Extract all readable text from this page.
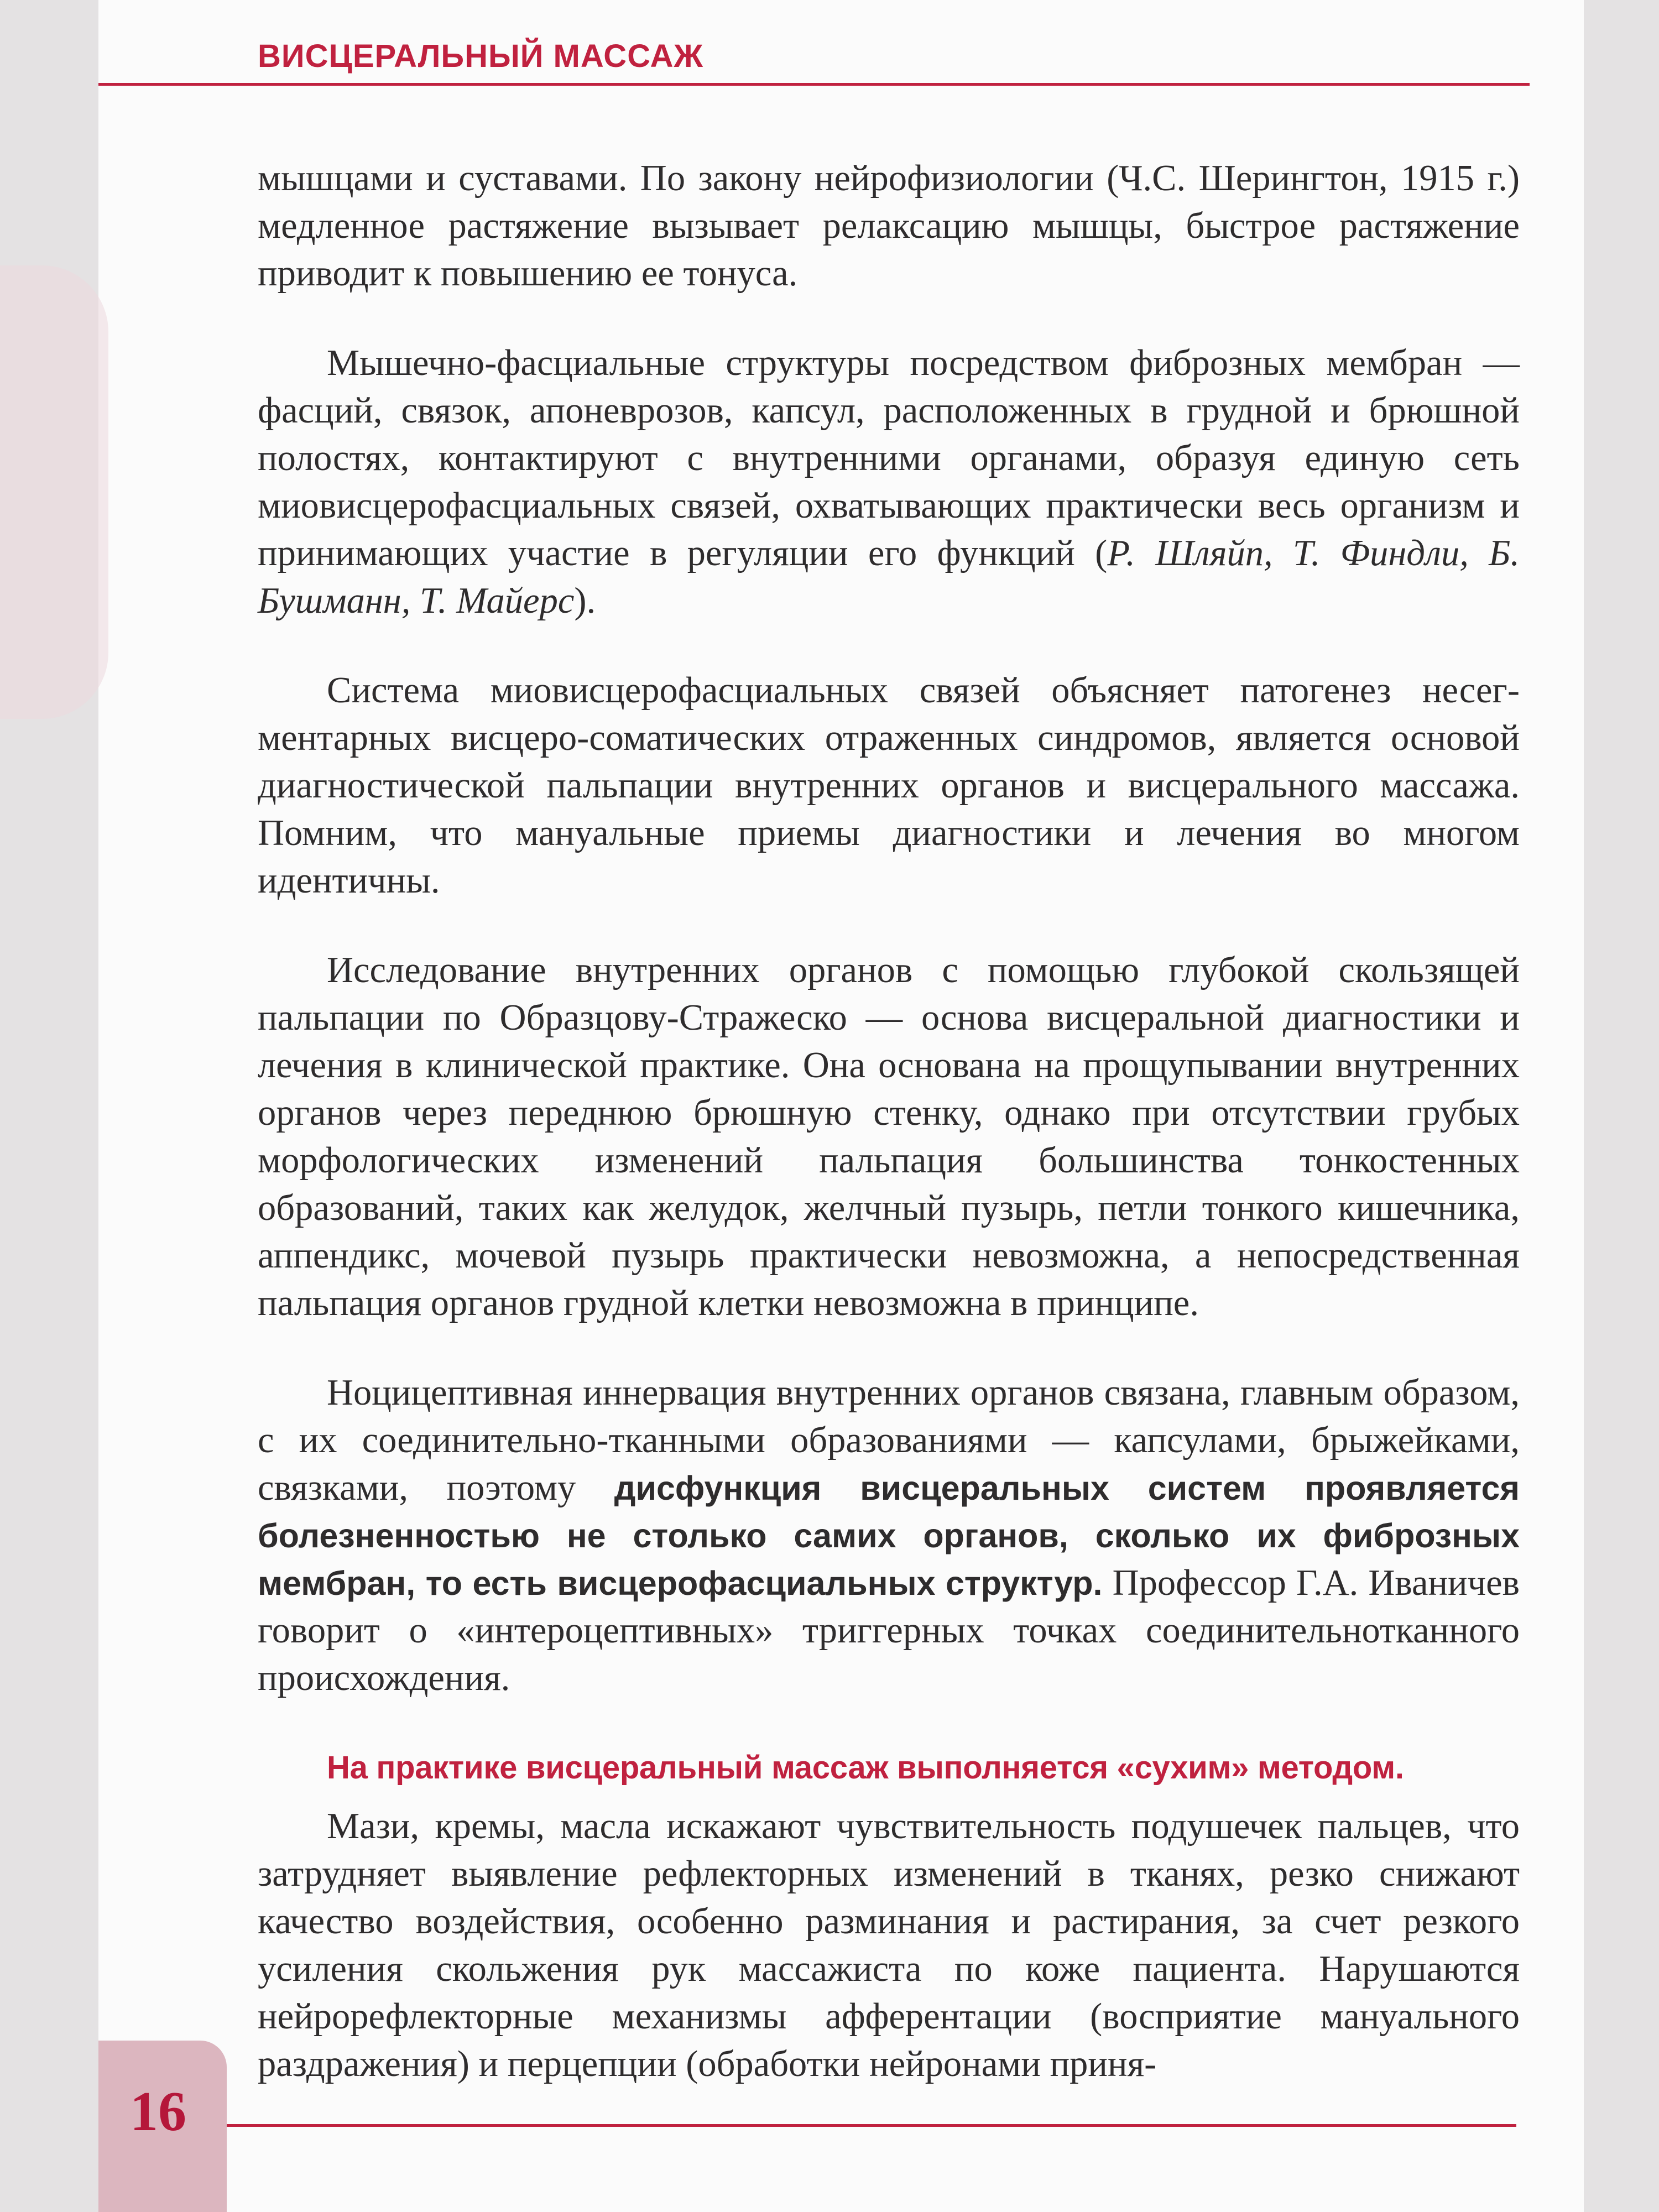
ВИСЦЕРАЛЬНЫЙ МАССАЖ

мышцами и суставами. По закону нейрофизиологии (Ч.С. Шерингтон, 1915 г.) медленное растяжение вызывает релаксацию мышцы, быстрое растяжение приводит к повышению ее тонуса.

Мышечно-фасциальные структуры посредством фиброзных мембран — фасций, связок, апоневрозов, капсул, расположенных в грудной и брюшной полостях, контактируют с внутренними органами, образуя единую сеть миовисцерофасциальных связей, охватывающих практически весь организм и принимающих участие в регуляции его функций (Р. Шляйп, Т. Финдли, Б. Бушманн, Т. Майерс).

Система миовисцерофасциальных связей объясняет патогенез несегментарных висцеро-соматических отраженных синдромов, является основой диагностической пальпации внутренних органов и висцерального массажа. Помним, что мануальные приемы диагностики и лечения во многом идентичны.

Исследование внутренних органов с помощью глубокой скользящей пальпации по Образцову-Стражеско — основа висцеральной диагностики и лечения в клинической практике. Она основана на прощупывании внутренних органов через переднюю брюшную стенку, однако при отсутствии грубых морфологических изменений пальпация большинства тонкостенных образований, таких как желудок, желчный пузырь, петли тонкого кишечника, аппендикс, мочевой пузырь практически невозможна, а непосредственная пальпация органов грудной клетки невозможна в принципе.

Ноцицептивная иннервация внутренних органов связана, главным образом, с их соединительно-тканными образованиями — капсулами, брыжейками, связками, поэтому дисфункция висцеральных систем проявляется болезненностью не столько самих органов, сколько их фиброзных мембран, то есть висцерофасциальных структур. Профессор Г.А. Иваничев говорит о «интероцептивных» триггерных точках соединительнотканного происхождения.

На практике висцеральный массаж выполняется «сухим» методом.

Мази, кремы, масла искажают чувствительность подушечек пальцев, что затрудняет выявление рефлекторных изменений в тканях, резко снижают качество воздействия, особенно разминания и растирания, за счет резкого усиления скольжения рук массажиста по коже пациента. Нарушаются нейрорефлекторные механизмы афферентации (восприятие мануального раздражения) и перцепции (обработки нейронами приня-

16
